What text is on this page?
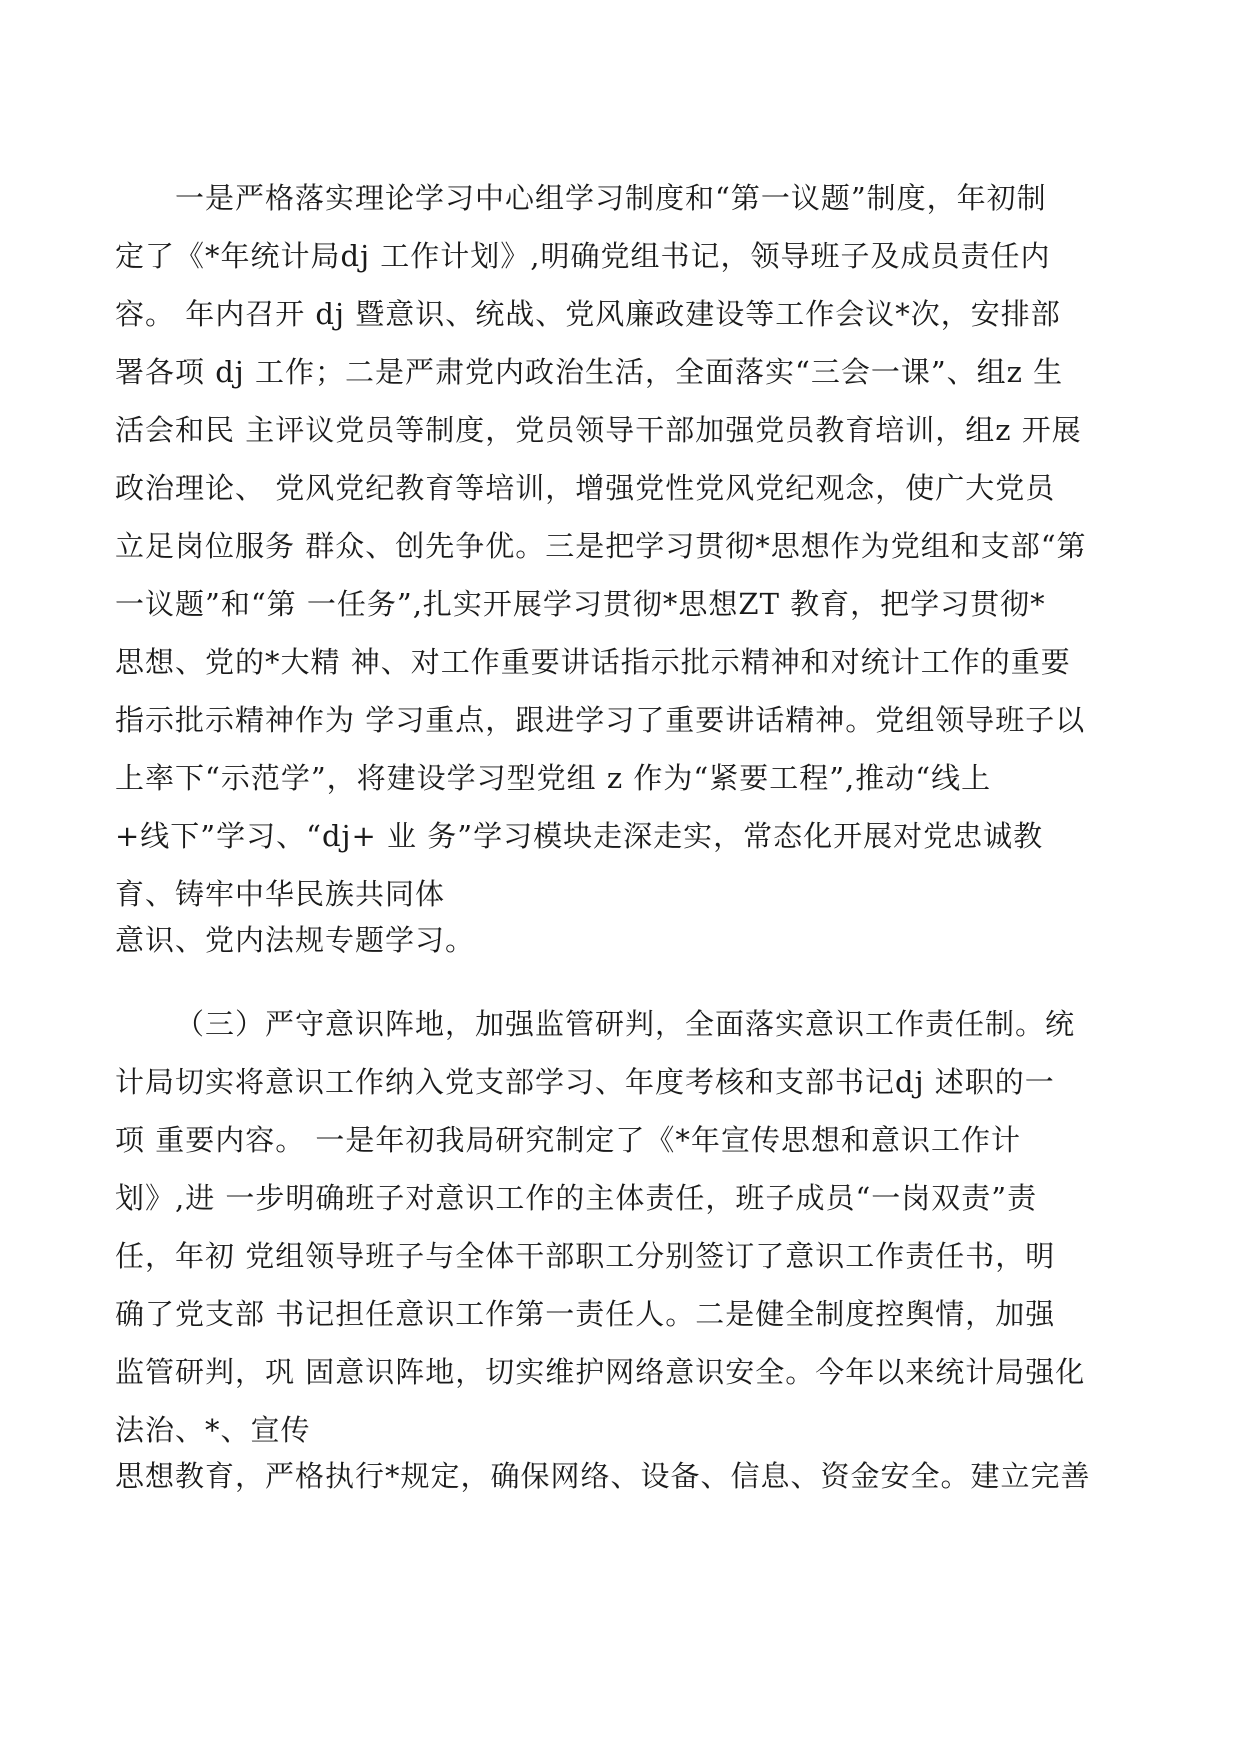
一是严格落实理论学习中心组学习制度和“第一议题”制度，年初制
定了《*年统计局dj 工作计划》,明确党组书记，领导班子及成员责任内
容。 年内召开 dj 暨意识、统战、党风廉政建设等工作会议*次，安排部
署各项 dj 工作；二是严肃党内政治生活，全面落实“三会一课”、组z 生
活会和民 主评议党员等制度，党员领导干部加强党员教育培训，组z 开展
政治理论、 党风党纪教育等培训，增强党性党风党纪观念，使广大党员
立足岗位服务 群众、创先争优。三是把学习贯彻*思想作为党组和支部“第
一议题”和“第 一任务”,扎实开展学习贯彻*思想ZT 教育，把学习贯彻*
思想、党的*大精 神、对工作重要讲话指示批示精神和对统计工作的重要
指示批示精神作为 学习重点，跟进学习了重要讲话精神。党组领导班子以
上率下“示范学”，将建设学习型党组 z 作为“紧要工程”,推动“线上
+线下”学习、“dj+ 业 务”学习模块走深走实，常态化开展对党忠诚教
育、铸牢中华民族共同体
意识、党内法规专题学习。
（三）严守意识阵地，加强监管研判，全面落实意识工作责任制。统
计局切实将意识工作纳入党支部学习、年度考核和支部书记dj 述职的一
项 重要内容。 一是年初我局研究制定了《*年宣传思想和意识工作计
划》,进 一步明确班子对意识工作的主体责任，班子成员“一岗双责”责
任，年初 党组领导班子与全体干部职工分别签订了意识工作责任书，明
确了党支部 书记担任意识工作第一责任人。二是健全制度控舆情，加强
监管研判，巩 固意识阵地，切实维护网络意识安全。今年以来统计局强化
法治、*、宣传
思想教育，严格执行*规定，确保网络、设备、信息、资金安全。建立完善
